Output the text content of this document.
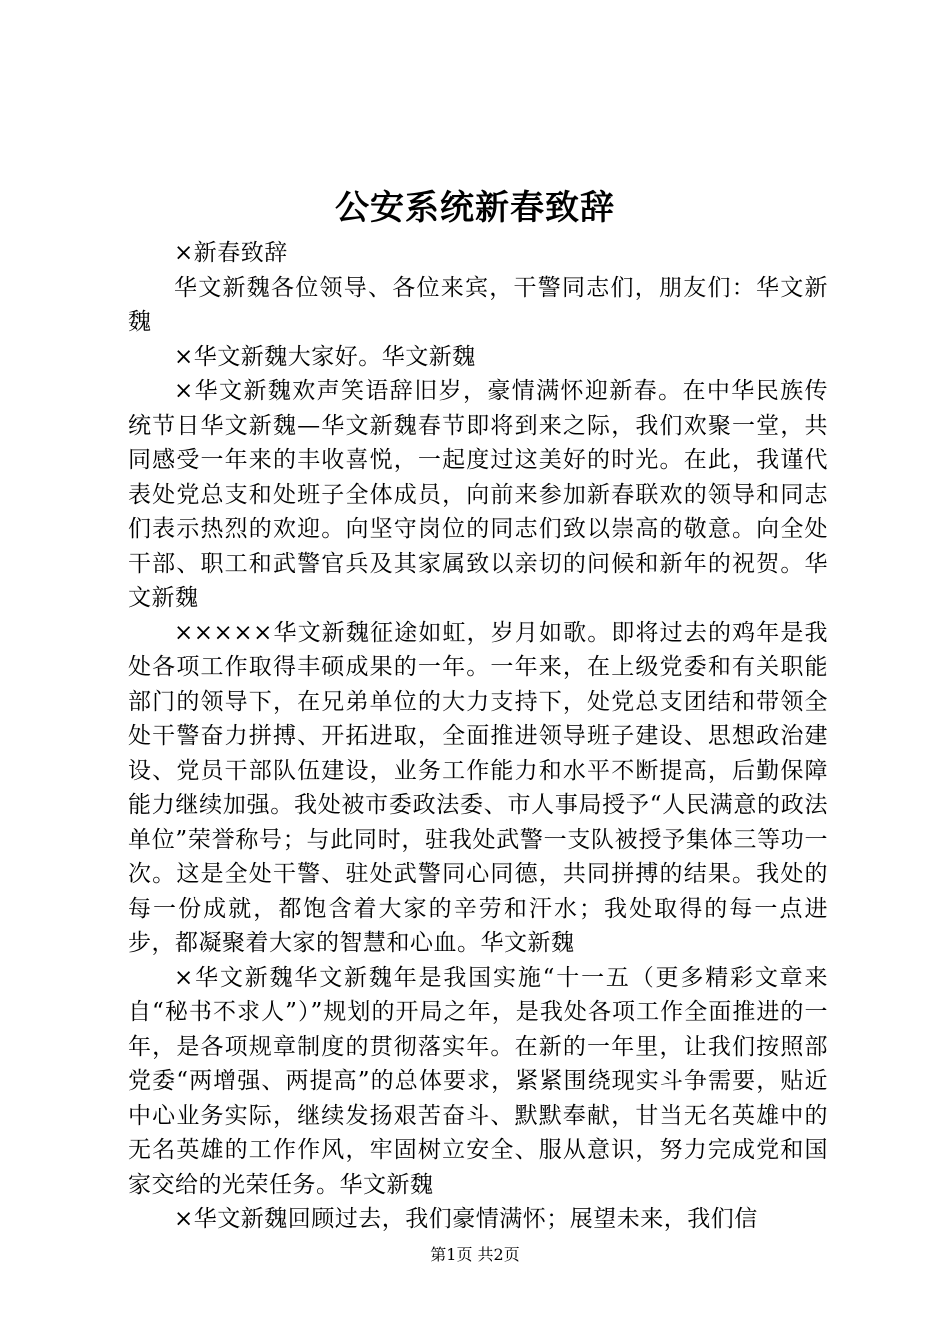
公安系统新春致辞

×新春致辞

华文新魏各位领导、各位来宾，干警同志们，朋友们：华文新魏

×华文新魏大家好。华文新魏

×华文新魏欢声笑语辞旧岁，豪情满怀迎新春。在中华民族传统节日华文新魏—华文新魏春节即将到来之际，我们欢聚一堂，共同感受一年来的丰收喜悦，一起度过这美好的时光。在此，我谨代表处党总支和处班子全体成员，向前来参加新春联欢的领导和同志们表示热烈的欢迎。向坚守岗位的同志们致以崇高的敬意。向全处干部、职工和武警官兵及其家属致以亲切的问候和新年的祝贺。华文新魏

×××××华文新魏征途如虹，岁月如歌。即将过去的鸡年是我处各项工作取得丰硕成果的一年。一年来，在上级党委和有关职能部门的领导下，在兄弟单位的大力支持下，处党总支团结和带领全处干警奋力拼搏、开拓进取，全面推进领导班子建设、思想政治建设、党员干部队伍建设，业务工作能力和水平不断提高，后勤保障能力继续加强。我处被市委政法委、市人事局授予“人民满意的政法单位”荣誉称号；与此同时，驻我处武警一支队被授予集体三等功一次。这是全处干警、驻处武警同心同德，共同拼搏的结果。我处的每一份成就，都饱含着大家的辛劳和汗水；我处取得的每一点进步，都凝聚着大家的智慧和心血。华文新魏

×华文新魏华文新魏年是我国实施“十一五（更多精彩文章来自“秘书不求人”）”规划的开局之年，是我处各项工作全面推进的一年，是各项规章制度的贯彻落实年。在新的一年里，让我们按照部党委“两增强、两提高”的总体要求，紧紧围绕现实斗争需要，贴近中心业务实际，继续发扬艰苦奋斗、默默奉献，甘当无名英雄中的无名英雄的工作作风，牢固树立安全、服从意识，努力完成党和国家交给的光荣任务。华文新魏

×华文新魏回顾过去，我们豪情满怀；展望未来，我们信

第1页 共2页
